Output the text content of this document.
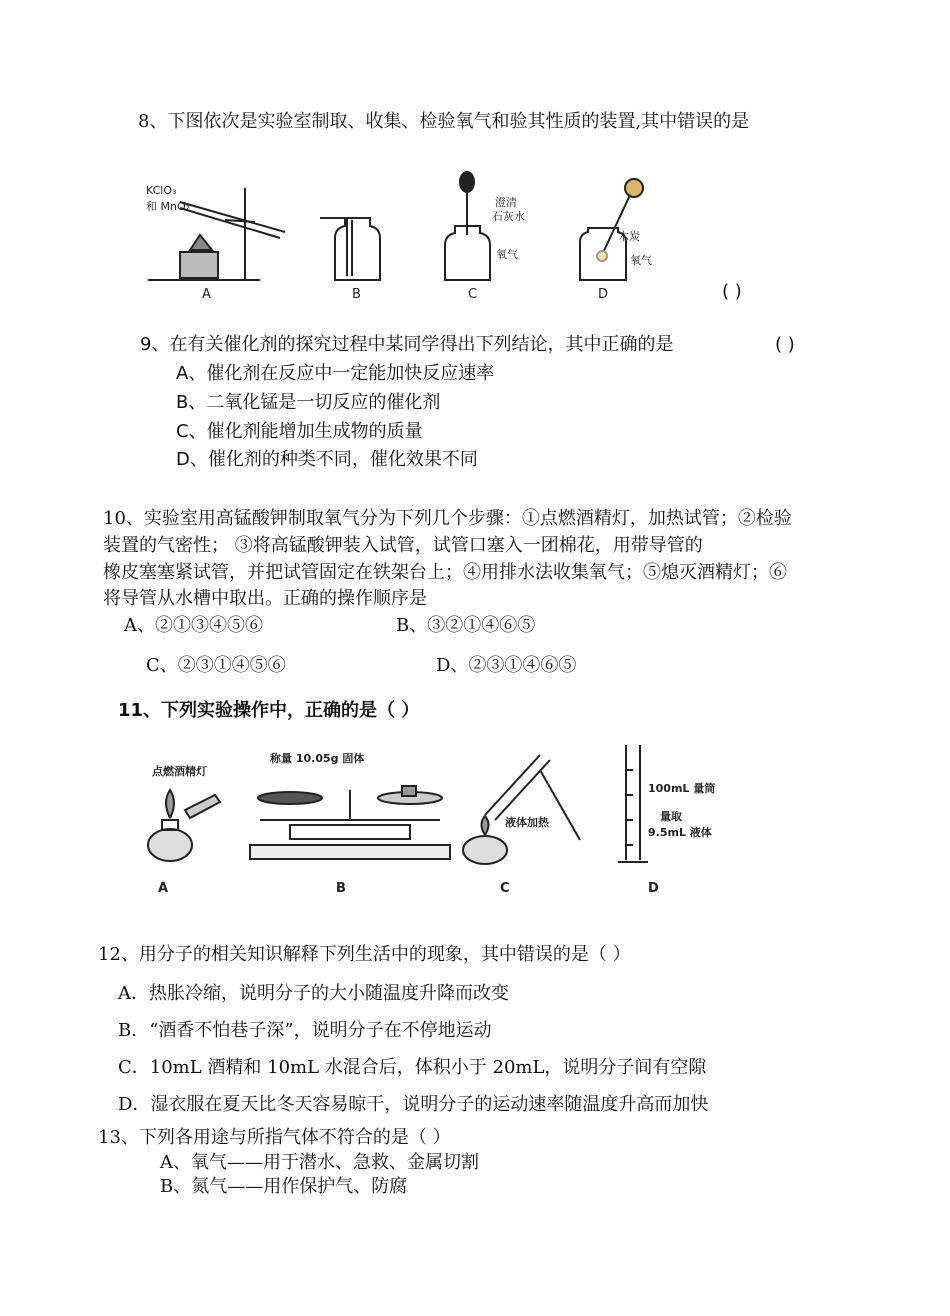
8、下图依次是实验室制取、收集、检验氧气和验其性质的装置,其中错误的是
KClO₃
和 MnO₂
A	B
澄清
石灰水
氧气
C
木炭
氧气
D	( )
9、在有关催化剂的探究过程中某同学得出下列结论，其中正确的是	( )
A、催化剂在反应中一定能加快反应速率
B、二氧化锰是一切反应的催化剂
C、催化剂能增加生成物的质量
D、催化剂的种类不同，催化效果不同
10、实验室用高锰酸钾制取氧气分为下列几个步骤：①点燃酒精灯，加热试管；②检验
装置的气密性； ③将高锰酸钾装入试管，试管口塞入一团棉花，用带导管的
橡皮塞塞紧试管，并把试管固定在铁架台上；④用排水法收集氧气；⑤熄灭酒精灯；⑥
将导管从水槽中取出。正确的操作顺序是
A、②①③④⑤⑥	B、③②①④⑥⑤
C、②③①④⑤⑥	D、②③①④⑥⑤
11、下列实验操作中，正确的是（ ）
点燃酒精灯
A
称量 10.05g 固体
B
液体加热
C
100mL 量筒
量取
9.5mL 液体
D
12、用分子的相关知识解释下列生活中的现象，其中错误的是（ ）
A．热胀冷缩，说明分子的大小随温度升降而改变
B．“酒香不怕巷子深”，说明分子在不停地运动
C．10mL 酒精和 10mL 水混合后，体积小于 20mL，说明分子间有空隙
D．湿衣服在夏天比冬天容易晾干，说明分子的运动速率随温度升高而加快
13、下列各用途与所指气体不符合的是（ ）
A、氧气——用于潜水、急救、金属切割
B、氮气——用作保护气、防腐
